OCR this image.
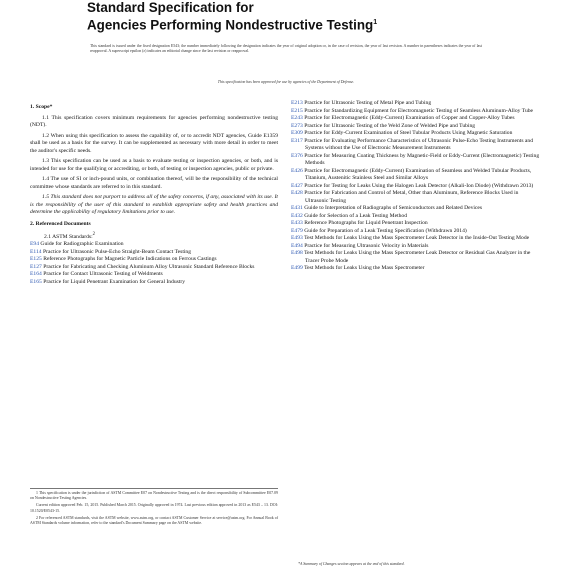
Standard Specification for
Agencies Performing Nondestructive Testing$^1$
This standard is issued under the fixed designation E543; the number immediately following the designation indicates the year of original adoption or, in the case of revision, the year of last revision. A number in parentheses indicates the year of last reapproval. A superscript epsilon (ε) indicates an editorial change since the last revision or reapproval.
This specification has been approved for use by agencies of the Department of Defense.
1. Scope*
1.1 This specification covers minimum requirements for agencies performing nondestructive testing (NDT).
1.2 When using this specification to assess the capability of, or to accredit NDT agencies, Guide E1359 shall be used as a basis for the survey. It can be supplemented as necessary with more detail in order to meet the auditor's specific needs.
1.3 This specification can be used as a basis to evaluate testing or inspection agencies, or both, and is intended for use for the qualifying or accrediting, or both, of testing or inspection agencies, public or private.
1.4 The use of SI or inch-pound units, or combination thereof, will be the responsibility of the technical committee whose standards are referred to in this standard.
1.5 This standard does not purport to address all of the safety concerns, if any, associated with its use. It is the responsibility of the user of this standard to establish appropriate safety and health practices and determine the applicability of regulatory limitations prior to use.
2. Referenced Documents
2.1 ASTM Standards:$^2$
E94 Guide for Radiographic Examination
E114 Practice for Ultrasonic Pulse-Echo Straight-Beam Contact Testing
E125 Reference Photographs for Magnetic Particle Indications on Ferrous Castings
E127 Practice for Fabricating and Checking Aluminum Alloy Ultrasonic Standard Reference Blocks
E164 Practice for Contact Ultrasonic Testing of Weldments
E165 Practice for Liquid Penetrant Examination for General Industry
E213 Practice for Ultrasonic Testing of Metal Pipe and Tubing
E215 Practice for Standardizing Equipment for Electromagnetic Testing of Seamless Aluminum-Alloy Tube
E243 Practice for Electromagnetic (Eddy-Current) Examination of Copper and Copper-Alloy Tubes
E273 Practice for Ultrasonic Testing of the Weld Zone of Welded Pipe and Tubing
E309 Practice for Eddy-Current Examination of Steel Tubular Products Using Magnetic Saturation
E317 Practice for Evaluating Performance Characteristics of Ultrasonic Pulse-Echo Testing Instruments and Systems without the Use of Electronic Measurement Instruments
E376 Practice for Measuring Coating Thickness by Magnetic-Field or Eddy-Current (Electromagnetic) Testing Methods
E426 Practice for Electromagnetic (Eddy-Current) Examination of Seamless and Welded Tubular Products, Titanium, Austenitic Stainless Steel and Similar Alloys
E427 Practice for Testing for Leaks Using the Halogen Leak Detector (Alkali-Ion Diode) (Withdrawn 2013)
E428 Practice for Fabrication and Control of Metal, Other than Aluminum, Reference Blocks Used in Ultrasonic Testing
E431 Guide to Interpretation of Radiographs of Semiconductors and Related Devices
E432 Guide for Selection of a Leak Testing Method
E433 Reference Photographs for Liquid Penetrant Inspection
E479 Guide for Preparation of a Leak Testing Specification (Withdrawn 2014)
E493 Test Methods for Leaks Using the Mass Spectrometer Leak Detector in the Inside-Out Testing Mode
E494 Practice for Measuring Ultrasonic Velocity in Materials
E498 Test Methods for Leaks Using the Mass Spectrometer Leak Detector or Residual Gas Analyzer in the Tracer Probe Mode
E499 Test Methods for Leaks Using the Mass Spectrometer
1 This specification is under the jurisdiction of ASTM Committee E07 on Nondestructive Testing and is the direct responsibility of Subcommittee E07.09 on Nondestructive Testing Agencies.
Current edition approved Feb. 15, 2015. Published March 2015. Originally approved in 1974. Last previous edition approved in 2013 as E543 – 13. DOI: 10.1520/E0543-15.
2 For referenced ASTM standards, visit the ASTM website, www.astm.org, or contact ASTM Customer Service at service@astm.org. For Annual Book of ASTM Standards volume information, refer to the standard's Document Summary page on the ASTM website.
*A Summary of Changes section appears at the end of this standard.
